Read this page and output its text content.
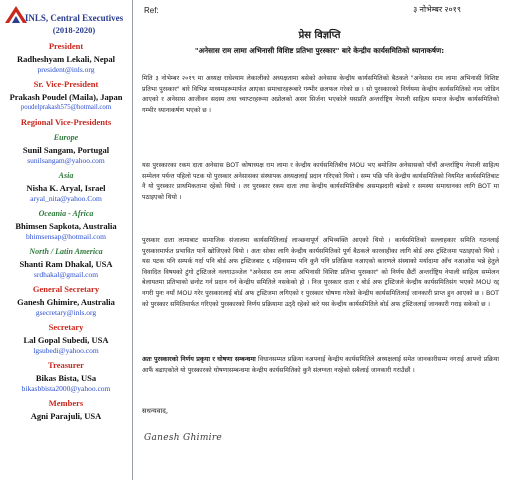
INLS, Central Executives
(2018-2020)
President
Radheshyam Lekali, Nepal
president@inls.org
Sr. Vice-President
Prakash Poudel (Maila), Japan
poudelprakash575@hotmail.com
Regional Vice-Presidents
Europe
Sunil Sangam, Portugal
sunilsangam@yahoo.com
Asia
Nisha K. Aryal, Israel
aryal_nita@yahoo.Com
Oceania - Africa
Bhimsen Sapkota, Australia
bhimsensap@hotmail.com
North / Latin America
Shanti Ram Dhakal, USA
srdhakal@gmail.com
General Secretary
Ganesh Ghimire, Australia
gsecretary@inls.org
Secretary
Lal Gopal Subedi, USA
lgsubedi@yahoo.com
Treasurer
Bikas Bista, USa
bikasbbista2000@yahoo.com
Members
Agni Parajuli, USA
Ref:	३ नोभेम्बर २०१९
प्रेस विज्ञप्ति
"अनेसास राम लामा अभिनासी विशिष्ट प्रतिभा पुरस्कार" बारे केन्द्रीय कार्यसमितिको ध्यानाकर्षण:

मिति ३ नोभेम्बर २०१९ मा अध्यक्ष राधेश्याम लेकालीको अध्यक्षतामा बसेको अनेसास केन्द्रीय कार्यसमितिको बैठकले "अनेसास राम लामा अभिनासी विशिष्ट प्रतिभा पुरस्कार" बारे विभिन्न माध्यमहरूमार्फत आएका समाचारहरूबारे गम्भीर छलफल गरेको छ । सो पुरस्कारको निर्णयमा केन्द्रीय कार्यसमितिको नाम जोडिन आएको र अनेसास आजीवन सदस्य तथा च्याप्टरहरूमा अप्रोलको असर सिर्जना भएकोले यसप्रति अन्तर्राष्ट्रिय नेपाली साहित्य समाज केन्द्रीय कार्यसमितिको गम्भीर ध्यानाकर्षण भएको छ ।

यस पुरस्कारका रकम दाता अनेसास BOT कोषाध्यक्ष राम लामा र केन्द्रीय कार्यसमितिबीच MOU भए बमोजिम अनेसासको पाँचौं अन्तर्राष्ट्रिय नेपाली साहित्य सम्मेलन पर्यन्त पहिलो पटक यो पुरस्कार अनेसासका संस्थापक अध्यक्षलाई प्रदान गरिएको थियो । सम्म पछि पनि केन्द्रीय कार्यसमितिको नियमित कार्यसमितिबाट नै यो पुरस्कार प्राथमिकतामा रहेको थियो । तर पुरस्कार रकम दाता तथा केन्द्रीय कार्यसमितिबीच असमझदारी बढेको र समस्या समाधानका लागि BOT मा पठाइएको थियो ।

पुरस्कार दाता लामाबाट सामाजिक संजालमा कार्यसमितिलाई लाञ्छनापूर्ण अभिव्यक्ति आएको थियो । कार्यसमितिको सल्लाहकार समिति गठनलाई पुरस्कारमार्फत प्रभावित पार्ने खोजिएको थियो । अतः सोका लागि केन्द्रीय कार्यसमितिको पूर्ण बैठकले कारवाहीका लागि बोर्ड अफ ट्रस्टिजमा पठाइएको थियो । यस पटक पनि सम्पर्क गर्दा पनि बोर्ड अफ ट्रस्टिजबाट ६ महिनासम्म पनि कुनै पनि प्रतिक्रिया नआएको कारणले संस्थाको मर्यादामा आँच नआओस भन्ने हेतुले विवादित विषयको टुंगो ट्रस्टिजले नलगाउञ्जेल "अनेसास राम लामा अभिनासी विशिष्ट प्रतिभा पुरस्कार" को निर्णय छैटौं अन्तर्राष्ट्रिय नेपाली साहित्य सम्मेलन बेलायतमा प्रतिभाको छनोट गर्न प्रदान गर्न केन्द्रीय समितिले नसकेको हो । निज पुरस्कार दाता र बोर्ड अफ ट्रस्टिजले केन्द्रीय कार्यसमितिसंग भएको MOU रद्द नगरी पुनः नयाँ MOU गरेर पुरस्कारलाई बोर्ड अफ ट्रस्टिजमा लगिएको र पुरस्कार घोषणा गरेको केन्द्रीय कार्यसमितिलाई जानकारी प्राप्त हुन आएको छ । BOT को पुरस्कार समितिमार्फत गरिएको पुरस्कारको निर्णय प्रक्रियामा उठ्दै रहेको बारे यस केन्द्रीय कार्यसमितिले बोर्ड अफ ट्रस्टिजलाई जानकारी गराइ सकेको छ ।

अतः पुरस्कारको निर्णय प्रकृया र घोषणा सम्बन्धमा विधानसम्मत प्रक्रिया नअपनाई केन्द्रीय कार्यसमितिले अध्यक्षलाई समेत जानकारीसम्म नगराई आफ्नो प्रक्रिया आफैं बढाएकोले यो पुरस्कारको घोषणासम्बन्धमा केन्द्रीय कार्यसमितिको कुनै संलग्नता नरहेको सबैलाई जानकारी गराउँछौं ।

सधन्यवाद,
Ganesh Ghimire
